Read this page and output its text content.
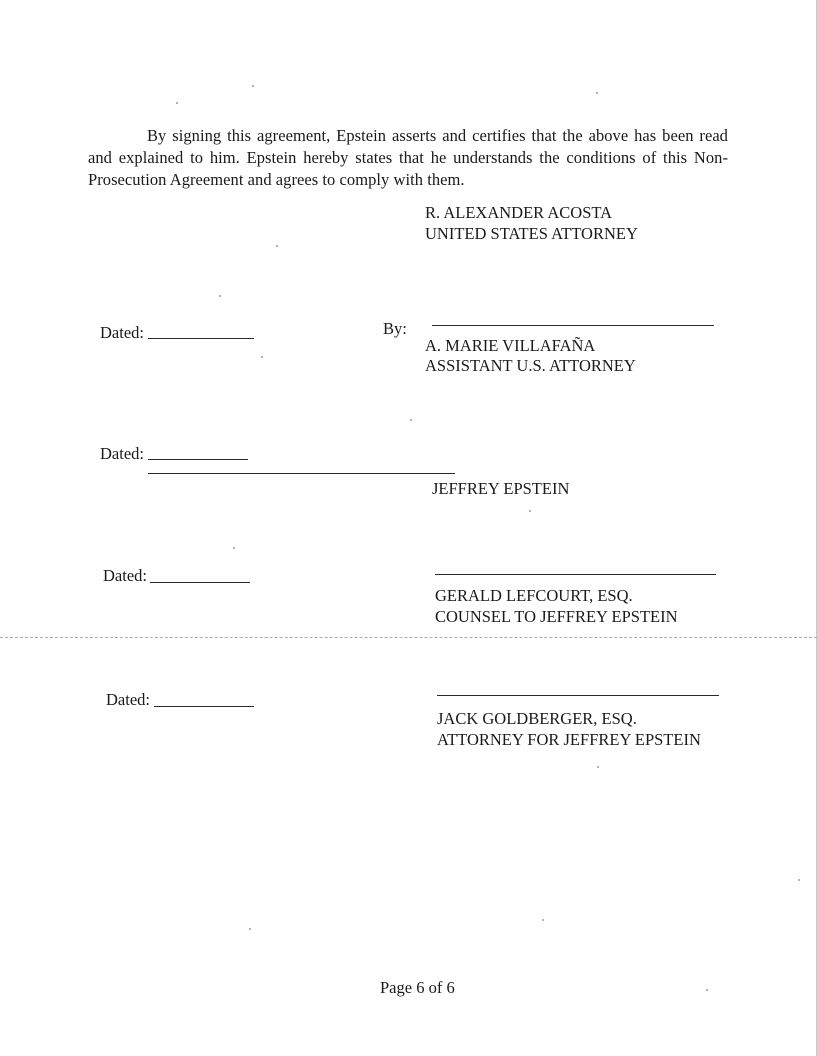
By signing this agreement, Epstein asserts and certifies that the above has been read and explained to him. Epstein hereby states that he understands the conditions of this Non-Prosecution Agreement and agrees to comply with them.

R. ALEXANDER ACOSTA
UNITED STATES ATTORNEY
Dated:	By:
A. MARIE VILLAFAÑA
ASSISTANT U.S. ATTORNEY
Dated:
JEFFREY EPSTEIN
Dated:
GERALD LEFCOURT, ESQ.
COUNSEL TO JEFFREY EPSTEIN
Dated:
JACK GOLDBERGER, ESQ.
ATTORNEY FOR JEFFREY EPSTEIN
Page 6 of 6
